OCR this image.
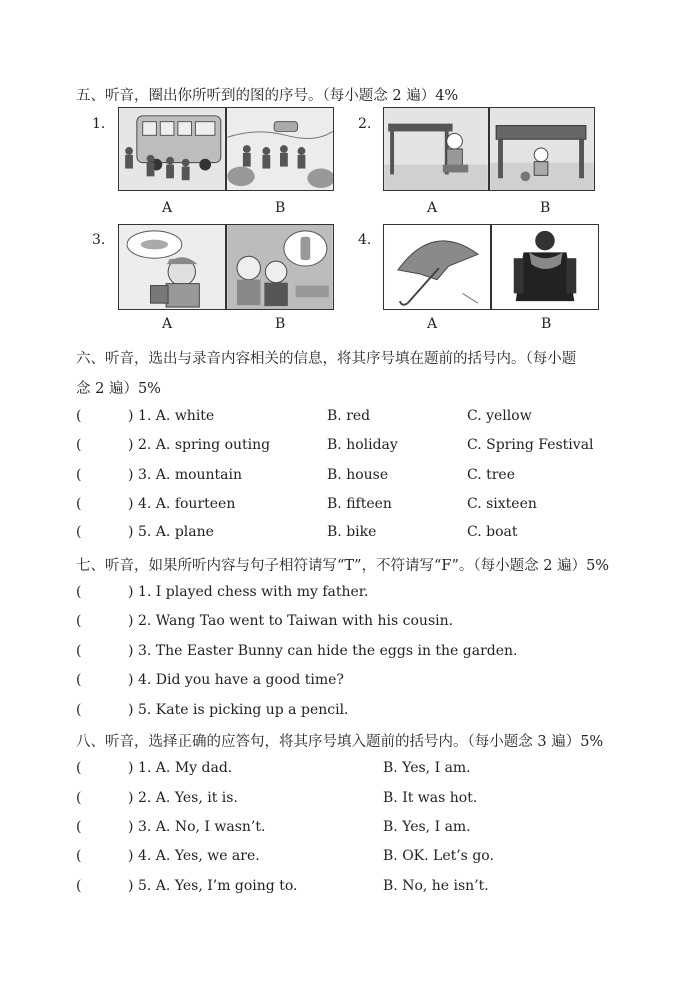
五、听音，圈出你所听到的图的序号。（每小题念 2 遍）4%
1.
A	B
2.
A	B
3.
A	B
4.
A	B
六、听音，选出与录音内容相关的信息，将其序号填在题前的括号内。（每小题
念 2 遍）5%
(	) 1. A. white	B. red	C. yellow
(	) 2. A. spring outing	B. holiday	C. Spring Festival
(	) 3. A. mountain	B. house	C. tree
(	) 4. A. fourteen	B. fifteen	C. sixteen
(	) 5. A. plane	B. bike	C. boat
七、听音，如果所听内容与句子相符请写“T”，不符请写“F”。（每小题念 2 遍）5%
(	) 1. I played chess with my father.
(	) 2. Wang Tao went to Taiwan with his cousin.
(	) 3. The Easter Bunny can hide the eggs in the garden.
(	) 4. Did you have a good time?
(	) 5. Kate is picking up a pencil.
八、听音，选择正确的应答句，将其序号填入题前的括号内。（每小题念 3 遍）5%
(	) 1. A. My dad.	B. Yes, I am.
(	) 2. A. Yes, it is.	B. It was hot.
(	) 3. A. No, I wasn’t.	B. Yes, I am.
(	) 4. A. Yes, we are.	B. OK. Let’s go.
(	) 5. A. Yes, I’m going to.	B. No, he isn’t.
